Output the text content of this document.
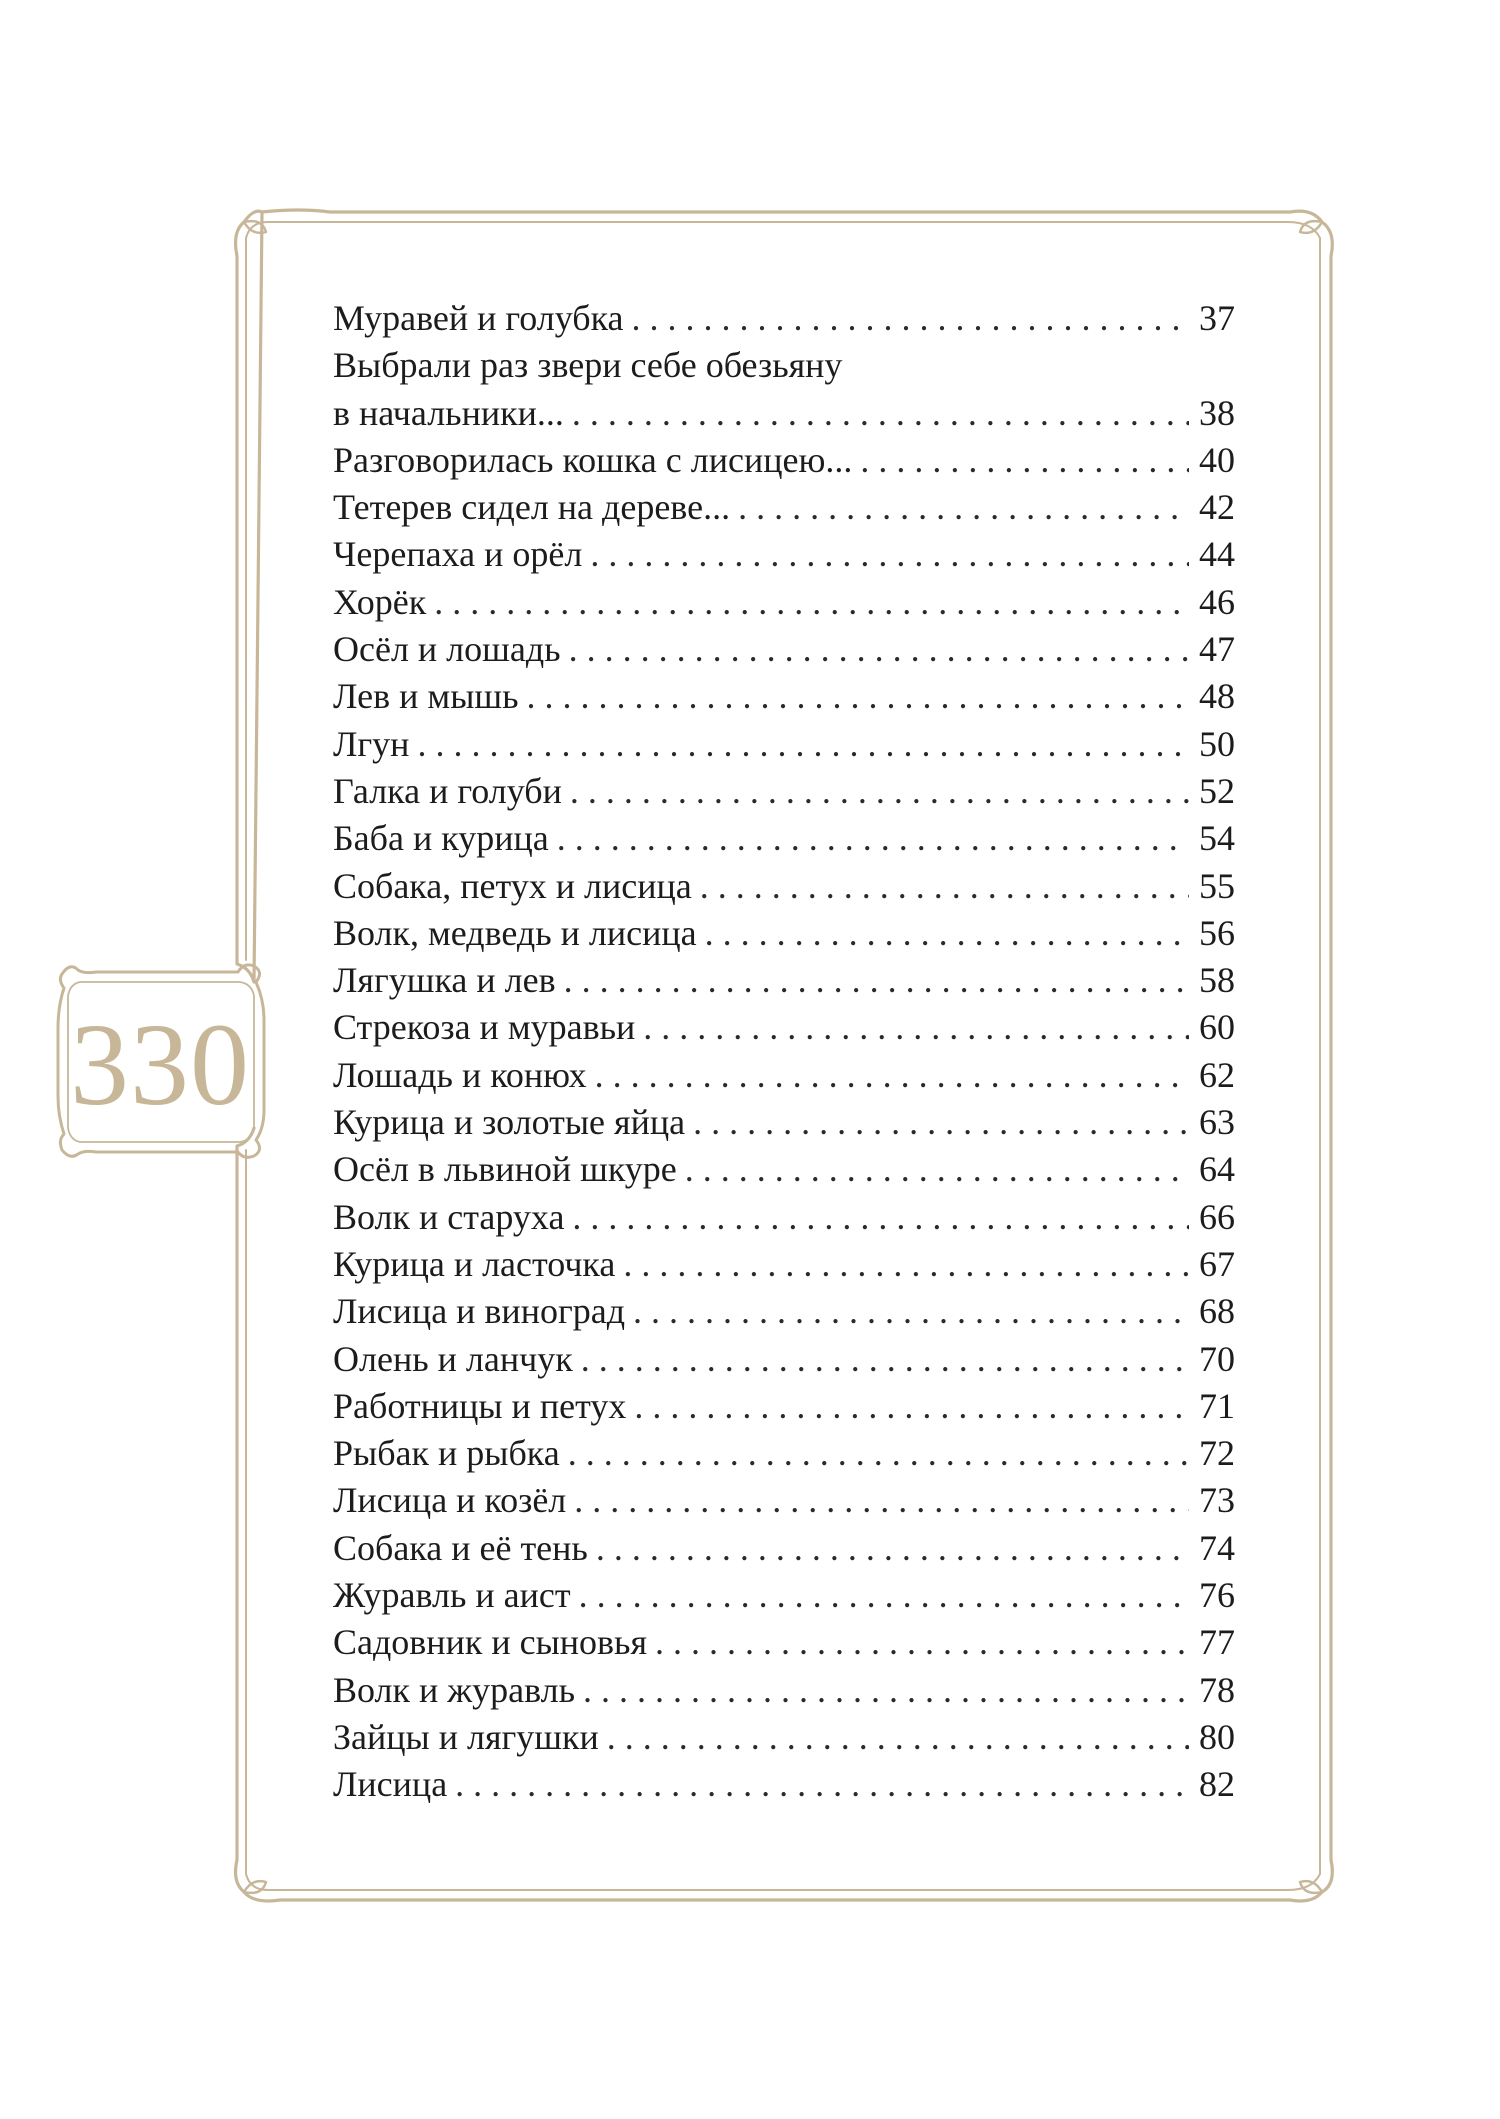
330
Муравей и голубка . . .	37
Выбрали раз звери себе обезьяну
в начальники... . . .	38
Разговорилась кошка с лисицею... . . .	40
Тетерев сидел на дереве... . . .	42
Черепаха и орёл . . .	44
Хорёк . . .	46
Осёл и лошадь . . .	47
Лев и мышь . . .	48
Лгун . . .	50
Галка и голуби . . .	52
Баба и курица . . .	54
Собака, петух и лисица . . .	55
Волк, медведь и лисица . . .	56
Лягушка и лев . . .	58
Стрекоза и муравьи . . .	60
Лошадь и конюх . . .	62
Курица и золотые яйца . . .	63
Осёл в львиной шкуре . . .	64
Волк и старуха . . .	66
Курица и ласточка . . .	67
Лисица и виноград . . .	68
Олень и ланчук . . .	70
Работницы и петух . . .	71
Рыбак и рыбка . . .	72
Лисица и козёл . . .	73
Собака и её тень . . .	74
Журавль и аист . . .	76
Садовник и сыновья . . .	77
Волк и журавль . . .	78
Зайцы и лягушки . . .	80
Лисица . . .	82
